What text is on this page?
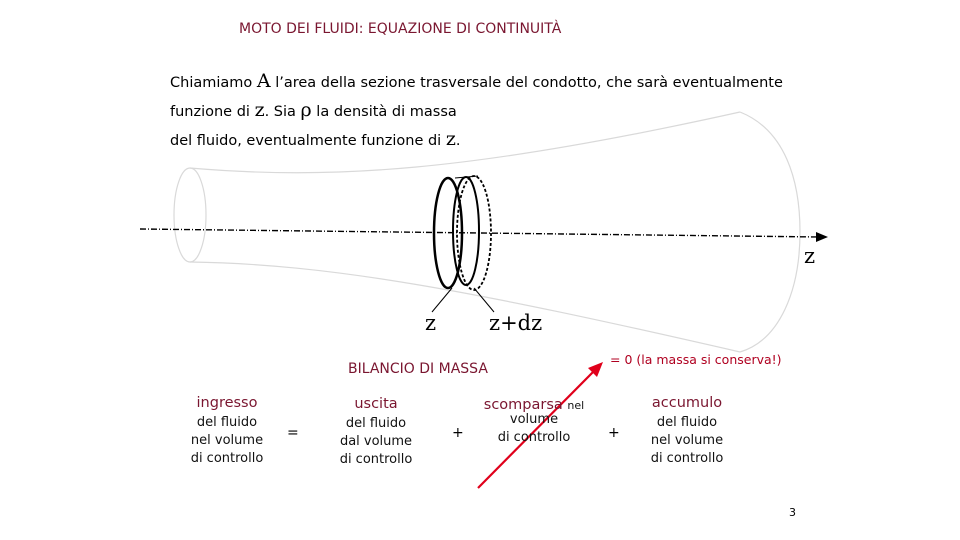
MOTO DEI FLUIDI: EQUAZIONE DI CONTINUITÀ
Chiamiamo A l’area della sezione trasversale del condotto, che sarà eventualmente
funzione di z. Sia ρ la densità di massa
del fluido, eventualmente funzione di z.
z
z	z+dz
BILANCIO DI MASSA
= 0 (la massa si conserva!)
ingresso
del fluido
nel volume
di controllo
=
uscita
del fluido
dal volume
di controllo
+
scomparsa nel
volume
di controllo	+
accumulo
del fluido
nel volume
di controllo
3
